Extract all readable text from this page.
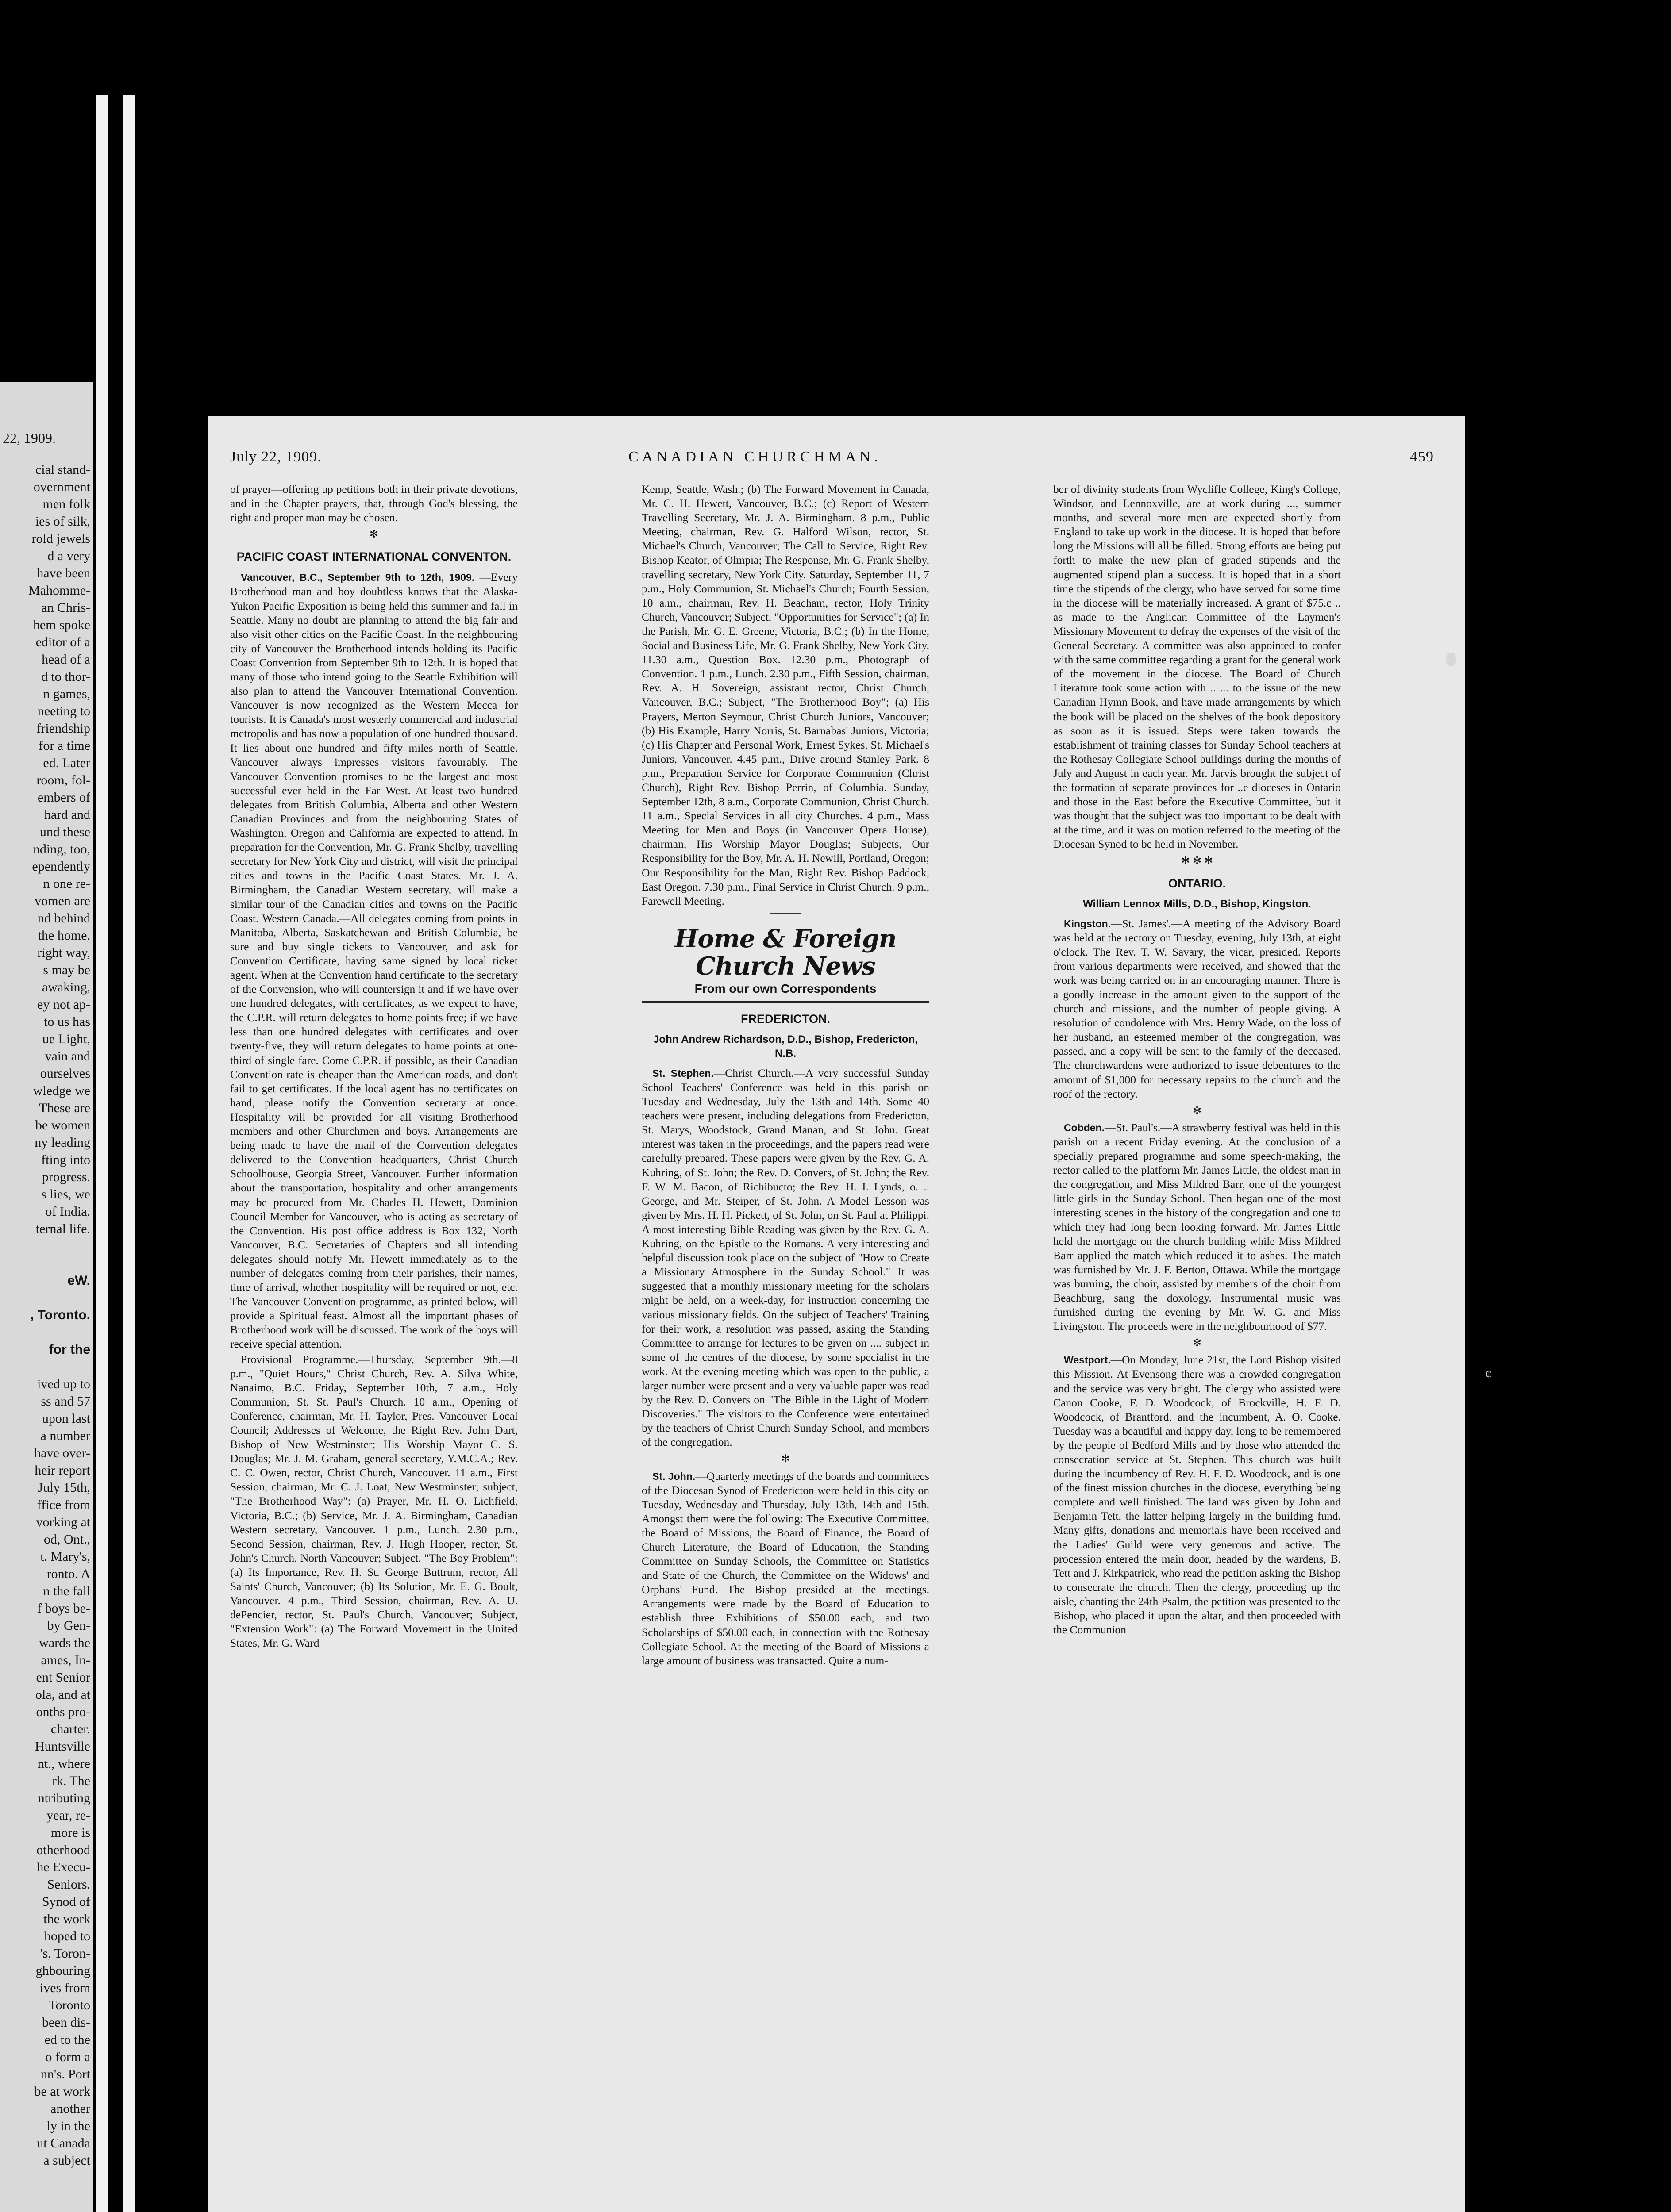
22, 1909.

cial stand-

overnment

men folk

ies of silk,

rold jewels

d a very

have been

Mahomme-

an Chris-

hem spoke

editor of a

head of a

d to thor-

n games,

neeting to

friendship

for a time

ed. Later

room, fol-

embers of

hard and

und these

nding, too,

ependently

n one re-

vomen are

nd behind

the home,

right way,

s may be

awaking,

ey not ap-

to us has

ue Light,

vain and

ourselves

wledge we

These are

be women

ny leading

fting into

progress.

s lies, we

of India,

ternal life.

eW.

, Toronto.

for the

ived up to

ss and 57

upon last

a number

have over-

heir report

July 15th,

ffice from

vorking at

od, Ont.,

t. Mary's,

ronto. A

n the fall

f boys be-

by Gen-

wards the

ames, In-

ent Senior

ola, and at

onths pro-

charter.

Huntsville

nt., where

rk. The

ntributing

year, re-

more is

otherhood

he Execu-

Seniors.

Synod of

the work

hoped to

's, Toron-

ghbouring

ives from

Toronto

been dis-

ed to the

o form a

nn's. Port

be at work

another

ly in the

ut Canada

a subject

July 22, 1909.	CANADIAN CHURCHMAN.	459

of prayer—offering up petitions both in their private devotions, and in the Chapter prayers, that, through God's blessing, the right and proper man may be chosen.

✻
PACIFIC COAST INTERNATIONAL CONVENTON.

Vancouver, B.C., September 9th to 12th, 1909. —Every Brotherhood man and boy doubtless knows that the Alaska-Yukon Pacific Exposition is being held this summer and fall in Seattle. Many no doubt are planning to attend the big fair and also visit other cities on the Pacific Coast. In the neighbouring city of Vancouver the Brotherhood intends holding its Pacific Coast Convention from September 9th to 12th. It is hoped that many of those who intend going to the Seattle Exhibition will also plan to attend the Vancouver International Convention. Vancouver is now recognized as the Western Mecca for tourists. It is Canada's most westerly commercial and industrial metropolis and has now a population of one hundred thousand. It lies about one hundred and fifty miles north of Seattle. Vancouver always impresses visitors favourably. The Vancouver Convention promises to be the largest and most successful ever held in the Far West. At least two hundred delegates from British Columbia, Alberta and other Western Canadian Provinces and from the neighbouring States of Washington, Oregon and California are expected to attend. In preparation for the Convention, Mr. G. Frank Shelby, travelling secretary for New York City and district, will visit the principal cities and towns in the Pacific Coast States. Mr. J. A. Birmingham, the Canadian Western secretary, will make a similar tour of the Canadian cities and towns on the Pacific Coast. Western Canada.—All delegates coming from points in Manitoba, Alberta, Saskatchewan and British Columbia, be sure and buy single tickets to Vancouver, and ask for Convention Certificate, having same signed by local ticket agent. When at the Convention hand certificate to the secretary of the Convension, who will countersign it and if we have over one hundred delegates, with certificates, as we expect to have, the C.P.R. will return delegates to home points free; if we have less than one hundred delegates with certificates and over twenty-five, they will return delegates to home points at one-third of single fare. Come C.P.R. if possible, as their Canadian Convention rate is cheaper than the American roads, and don't fail to get certificates. If the local agent has no certificates on hand, please notify the Convention secretary at once. Hospitality will be provided for all visiting Brotherhood members and other Churchmen and boys. Arrangements are being made to have the mail of the Convention delegates delivered to the Convention headquarters, Christ Church Schoolhouse, Georgia Street, Vancouver. Further information about the transportation, hospitality and other arrangements may be procured from Mr. Charles H. Hewett, Dominion Council Member for Vancouver, who is acting as secretary of the Convention. His post office address is Box 132, North Vancouver, B.C. Secretaries of Chapters and all intending delegates should notify Mr. Hewett immediately as to the number of delegates coming from their parishes, their names, time of arrival, whether hospitality will be required or not, etc. The Vancouver Convention programme, as printed below, will provide a Spiritual feast. Almost all the important phases of Brotherhood work will be discussed. The work of the boys will receive special attention.

Provisional Programme.—Thursday, September 9th.—8 p.m., "Quiet Hours," Christ Church, Rev. A. Silva White, Nanaimo, B.C. Friday, September 10th, 7 a.m., Holy Communion, St. St. Paul's Church. 10 a.m., Opening of Conference, chairman, Mr. H. Taylor, Pres. Vancouver Local Council; Addresses of Welcome, the Right Rev. John Dart, Bishop of New Westminster; His Worship Mayor C. S. Douglas; Mr. J. M. Graham, general secretary, Y.M.C.A.; Rev. C. C. Owen, rector, Christ Church, Vancouver. 11 a.m., First Session, chairman, Mr. C. J. Loat, New Westminster; subject, "The Brotherhood Way": (a) Prayer, Mr. H. O. Lichfield, Victoria, B.C.; (b) Service, Mr. J. A. Birmingham, Canadian Western secretary, Vancouver. 1 p.m., Lunch. 2.30 p.m., Second Session, chairman, Rev. J. Hugh Hooper, rector, St. John's Church, North Vancouver; Subject, "The Boy Problem": (a) Its Importance, Rev. H. St. George Buttrum, rector, All Saints' Church, Vancouver; (b) Its Solution, Mr. E. G. Boult, Vancouver. 4 p.m., Third Session, chairman, Rev. A. U. dePencier, rector, St. Paul's Church, Vancouver; Subject, "Extension Work": (a) The Forward Movement in the United States, Mr. G. Ward

Kemp, Seattle, Wash.; (b) The Forward Movement in Canada, Mr. C. H. Hewett, Vancouver, B.C.; (c) Report of Western Travelling Secretary, Mr. J. A. Birmingham. 8 p.m., Public Meeting, chairman, Rev. G. Halford Wilson, rector, St. Michael's Church, Vancouver; The Call to Service, Right Rev. Bishop Keator, of Olmpia; The Response, Mr. G. Frank Shelby, travelling secretary, New York City. Saturday, September 11, 7 p.m., Holy Communion, St. Michael's Church; Fourth Session, 10 a.m., chairman, Rev. H. Beacham, rector, Holy Trinity Church, Vancouver; Subject, "Opportunities for Service"; (a) In the Parish, Mr. G. E. Greene, Victoria, B.C.; (b) In the Home, Social and Business Life, Mr. G. Frank Shelby, New York City. 11.30 a.m., Question Box. 12.30 p.m., Photograph of Convention. 1 p.m., Lunch. 2.30 p.m., Fifth Session, chairman, Rev. A. H. Sovereign, assistant rector, Christ Church, Vancouver, B.C.; Subject, "The Brotherhood Boy"; (a) His Prayers, Merton Seymour, Christ Church Juniors, Vancouver; (b) His Example, Harry Norris, St. Barnabas' Juniors, Victoria; (c) His Chapter and Personal Work, Ernest Sykes, St. Michael's Juniors, Vancouver. 4.45 p.m., Drive around Stanley Park. 8 p.m., Preparation Service for Corporate Communion (Christ Church), Right Rev. Bishop Perrin, of Columbia. Sunday, September 12th, 8 a.m., Corporate Communion, Christ Church. 11 a.m., Special Services in all city Churches. 4 p.m., Mass Meeting for Men and Boys (in Vancouver Opera House), chairman, His Worship Mayor Douglas; Subjects, Our Responsibility for the Boy, Mr. A. H. Newill, Portland, Oregon; Our Responsibility for the Man, Right Rev. Bishop Paddock, East Oregon. 7.30 p.m., Final Service in Christ Church. 9 p.m., Farewell Meeting.

Home & Foreign Church News
From our own Correspondents
FREDERICTON.
John Andrew Richardson, D.D., Bishop, Fredericton, N.B.

St. Stephen.—Christ Church.—A very successful Sunday School Teachers' Conference was held in this parish on Tuesday and Wednesday, July the 13th and 14th. Some 40 teachers were present, including delegations from Fredericton, St. Marys, Woodstock, Grand Manan, and St. John. Great interest was taken in the proceedings, and the papers read were carefully prepared. These papers were given by the Rev. G. A. Kuhring, of St. John; the Rev. D. Convers, of St. John; the Rev. F. W. M. Bacon, of Richibucto; the Rev. H. I. Lynds, o. .. George, and Mr. Steiper, of St. John. A Model Lesson was given by Mrs. H. H. Pickett, of St. John, on St. Paul at Philippi. A most interesting Bible Reading was given by the Rev. G. A. Kuhring, on the Epistle to the Romans. A very interesting and helpful discussion took place on the subject of "How to Create a Missionary Atmosphere in the Sunday School." It was suggested that a monthly missionary meeting for the scholars might be held, on a week-day, for instruction concerning the various missionary fields. On the subject of Teachers' Training for their work, a resolution was passed, asking the Standing Committee to arrange for lectures to be given on .... subject in some of the centres of the diocese, by some specialist in the work. At the evening meeting which was open to the public, a larger number were present and a very valuable paper was read by the Rev. D. Convers on "The Bible in the Light of Modern Discoveries." The visitors to the Conference were entertained by the teachers of Christ Church Sunday School, and members of the congregation.

✻

St. John.—Quarterly meetings of the boards and committees of the Diocesan Synod of Fredericton were held in this city on Tuesday, Wednesday and Thursday, July 13th, 14th and 15th. Amongst them were the following: The Executive Committee, the Board of Missions, the Board of Finance, the Board of Church Literature, the Board of Education, the Standing Committee on Sunday Schools, the Committee on Statistics and State of the Church, the Committee on the Widows' and Orphans' Fund. The Bishop presided at the meetings. Arrangements were made by the Board of Education to establish three Exhibitions of $50.00 each, and two Scholarships of $50.00 each, in connection with the Rothesay Collegiate School. At the meeting of the Board of Missions a large amount of business was transacted. Quite a num-

ber of divinity students from Wycliffe College, King's College, Windsor, and Lennoxville, are at work during ..., summer months, and several more men are expected shortly from England to take up work in the diocese. It is hoped that before long the Missions will all be filled. Strong efforts are being put forth to make the new plan of graded stipends and the augmented stipend plan a success. It is hoped that in a short time the stipends of the clergy, who have served for some time in the diocese will be materially increased. A grant of $75.c .. as made to the Anglican Committee of the Laymen's Missionary Movement to defray the expenses of the visit of the General Secretary. A committee was also appointed to confer with the same committee regarding a grant for the general work of the movement in the diocese. The Board of Church Literature took some action with .. ... to the issue of the new Canadian Hymn Book, and have made arrangements by which the book will be placed on the shelves of the book depository as soon as it is issued. Steps were taken towards the establishment of training classes for Sunday School teachers at the Rothesay Collegiate School buildings during the months of July and August in each year. Mr. Jarvis brought the subject of the formation of separate provinces for ..e dioceses in Ontario and those in the East before the Executive Committee, but it was thought that the subject was too important to be dealt with at the time, and it was on motion referred to the meeting of the Diocesan Synod to be held in November.

✻ ✻ ✻
ONTARIO.
William Lennox Mills, D.D., Bishop, Kingston.

Kingston.—St. James'.—A meeting of the Advisory Board was held at the rectory on Tuesday, evening, July 13th, at eight o'clock. The Rev. T. W. Savary, the vicar, presided. Reports from various departments were received, and showed that the work was being carried on in an encouraging manner. There is a goodly increase in the amount given to the support of the church and missions, and the number of people giving. A resolution of condolence with Mrs. Henry Wade, on the loss of her husband, an esteemed member of the congregation, was passed, and a copy will be sent to the family of the deceased. The churchwardens were authorized to issue debentures to the amount of $1,000 for necessary repairs to the church and the roof of the rectory.

✻

Cobden.—St. Paul's.—A strawberry festival was held in this parish on a recent Friday evening. At the conclusion of a specially prepared programme and some speech-making, the rector called to the platform Mr. James Little, the oldest man in the congregation, and Miss Mildred Barr, one of the youngest little girls in the Sunday School. Then began one of the most interesting scenes in the history of the congregation and one to which they had long been looking forward. Mr. James Little held the mortgage on the church building while Miss Mildred Barr applied the match which reduced it to ashes. The match was furnished by Mr. J. F. Berton, Ottawa. While the mortgage was burning, the choir, assisted by members of the choir from Beachburg, sang the doxology. Instrumental music was furnished during the evening by Mr. W. G. and Miss Livingston. The proceeds were in the neighbourhood of $77.

✻

Westport.—On Monday, June 21st, the Lord Bishop visited this Mission. At Evensong there was a crowded congregation and the service was very bright. The clergy who assisted were Canon Cooke, F. D. Woodcock, of Brockville, H. F. D. Woodcock, of Brantford, and the incumbent, A. O. Cooke. Tuesday was a beautiful and happy day, long to be remembered by the people of Bedford Mills and by those who attended the consecration service at St. Stephen. This church was built during the incumbency of Rev. H. F. D. Woodcock, and is one of the finest mission churches in the diocese, everything being complete and well finished. The land was given by John and Benjamin Tett, the latter helping largely in the building fund. Many gifts, donations and memorials have been received and the Ladies' Guild were very generous and active. The procession entered the main door, headed by the wardens, B. Tett and J. Kirkpatrick, who read the petition asking the Bishop to consecrate the church. Then the clergy, proceeding up the aisle, chanting the 24th Psalm, the petition was presented to the Bishop, who placed it upon the altar, and then proceeded with the Communion

¢
